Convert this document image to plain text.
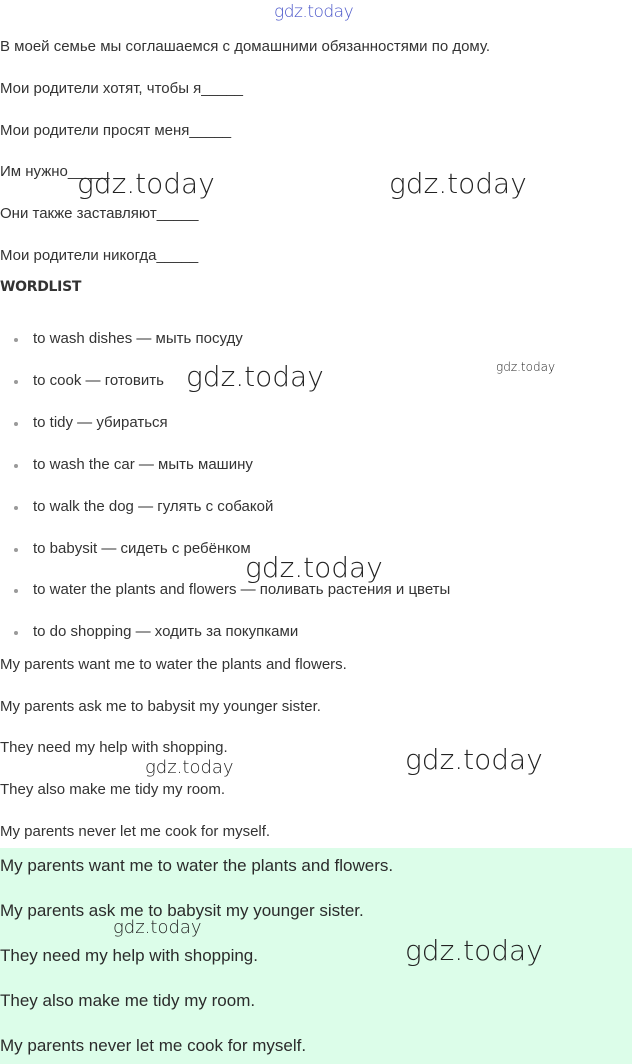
gdz.today
В моей семье мы соглашаемся с домашними обязанностями по дому.
Мои родители хотят, чтобы я_____
Мои родители просят меня_____
Им нужно_____
Они также заставляют_____
Мои родители никогда_____
WORDLIST
to wash dishes — мыть посуду
to cook — готовить
to tidy — убираться
to wash the car — мыть машину
to walk the dog — гулять с собакой
to babysit — сидеть с ребёнком
to water the plants and flowers — поливать растения и цветы
to do shopping — ходить за покупками
My parents want me to water the plants and flowers.
My parents ask me to babysit my younger sister.
They need my help with shopping.
They also make me tidy my room.
My parents never let me cook for myself.
My parents want me to water the plants and flowers.
My parents ask me to babysit my younger sister.
They need my help with shopping.
They also make me tidy my room.
My parents never let me cook for myself.
gdz.today	gdz.today
gdz.today
gdz.today
gdz.today
gdz.today
gdz.today
gdz.today
gdz.today
